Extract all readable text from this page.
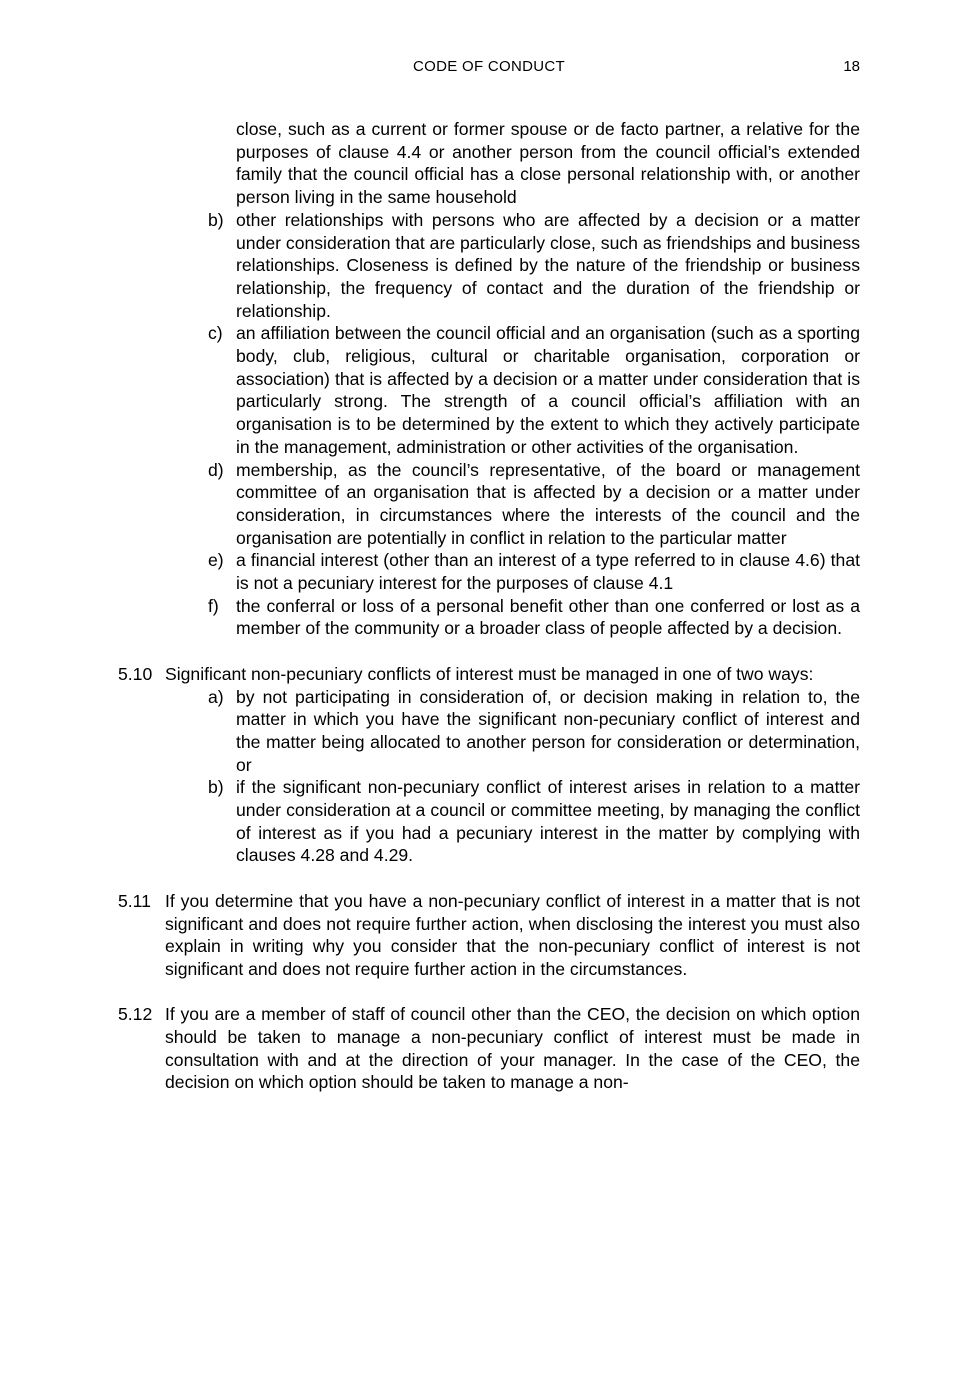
CODE OF CONDUCT	18
close, such as a current or former spouse or de facto partner, a relative for the purposes of clause 4.4 or another person from the council official’s extended family that the council official has a close personal relationship with, or another person living in the same household
b) other relationships with persons who are affected by a decision or a matter under consideration that are particularly close, such as friendships and business relationships. Closeness is defined by the nature of the friendship or business relationship, the frequency of contact and the duration of the friendship or relationship.
c) an affiliation between the council official and an organisation (such as a sporting body, club, religious, cultural or charitable organisation, corporation or association) that is affected by a decision or a matter under consideration that is particularly strong. The strength of a council official’s affiliation with an organisation is to be determined by the extent to which they actively participate in the management, administration or other activities of the organisation.
d) membership, as the council’s representative, of the board or management committee of an organisation that is affected by a decision or a matter under consideration, in circumstances where the interests of the council and the organisation are potentially in conflict in relation to the particular matter
e) a financial interest (other than an interest of a type referred to in clause 4.6) that is not a pecuniary interest for the purposes of clause 4.1
f) the conferral or loss of a personal benefit other than one conferred or lost as a member of the community or a broader class of people affected by a decision.
5.10 Significant non-pecuniary conflicts of interest must be managed in one of two ways:
a) by not participating in consideration of, or decision making in relation to, the matter in which you have the significant non-pecuniary conflict of interest and the matter being allocated to another person for consideration or determination, or
b) if the significant non-pecuniary conflict of interest arises in relation to a matter under consideration at a council or committee meeting, by managing the conflict of interest as if you had a pecuniary interest in the matter by complying with clauses 4.28 and 4.29.
5.11 If you determine that you have a non-pecuniary conflict of interest in a matter that is not significant and does not require further action, when disclosing the interest you must also explain in writing why you consider that the non-pecuniary conflict of interest is not significant and does not require further action in the circumstances.
5.12 If you are a member of staff of council other than the CEO, the decision on which option should be taken to manage a non-pecuniary conflict of interest must be made in consultation with and at the direction of your manager. In the case of the CEO, the decision on which option should be taken to manage a non-
